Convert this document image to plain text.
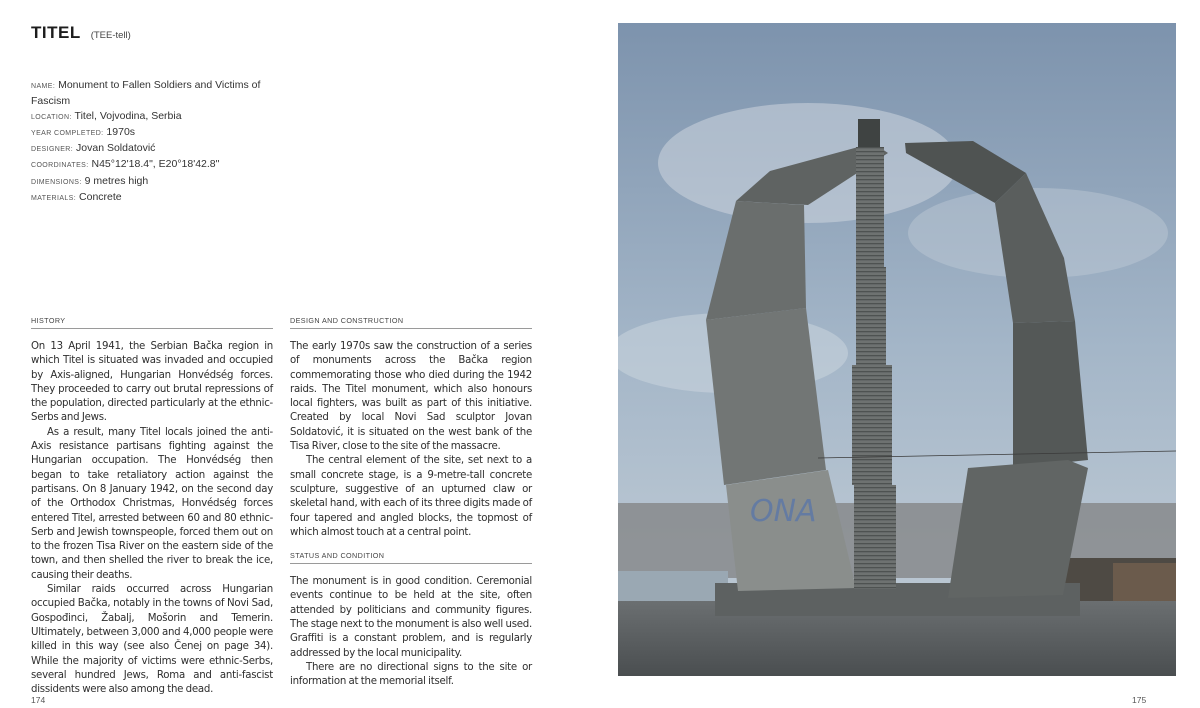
TITEL (TEE-tell)
NAME: Monument to Fallen Soldiers and Victims of Fascism
LOCATION: Titel, Vojvodina, Serbia
YEAR COMPLETED: 1970s
DESIGNER: Jovan Soldatović
COORDINATES: N45°12'18.4", E20°18'42.8"
DIMENSIONS: 9 metres high
MATERIALS: Concrete
HISTORY

On 13 April 1941, the Serbian Bačka region in which Titel is situated was invaded and occupied by Axis-aligned, Hungarian Honvédség forces. They proceeded to carry out brutal repressions of the population, directed particularly at the ethnic-Serbs and Jews.

As a result, many Titel locals joined the anti-Axis resistance partisans fighting against the Hungarian occupation. The Honvédség then began to take retaliatory action against the partisans. On 8 January 1942, on the second day of the Orthodox Christmas, Honvédség forces entered Titel, arrested between 60 and 80 ethnic-Serb and Jewish townspeople, forced them out on to the frozen Tisa River on the eastern side of the town, and then shelled the river to break the ice, causing their deaths.

Similar raids occurred across Hungarian occupied Bačka, notably in the towns of Novi Sad, Gospođinci, Žabalj, Mošorin and Temerin. Ultimately, between 3,000 and 4,000 people were killed in this way (see also Čenej on page 34). While the majority of victims were ethnic-Serbs, several hundred Jews, Roma and anti-fascist dissidents were also among the dead.

DESIGN AND CONSTRUCTION

The early 1970s saw the construction of a series of monuments across the Bačka region commemorating those who died during the 1942 raids. The Titel monument, which also honours local fighters, was built as part of this initiative. Created by local Novi Sad sculptor Jovan Soldatović, it is situated on the west bank of the Tisa River, close to the site of the massacre.

The central element of the site, set next to a small concrete stage, is a 9-metre-tall concrete sculpture, suggestive of an upturned claw or skeletal hand, with each of its three digits made of four tapered and angled blocks, the topmost of which almost touch at a central point.

STATUS AND CONDITION

The monument is in good condition. Ceremonial events continue to be held at the site, often attended by politicians and community figures. The stage next to the monument is also well used. Graffiti is a constant problem, and is regularly addressed by the local municipality.

There are no directional signs to the site or information at the memorial itself.

174
ONA
175
